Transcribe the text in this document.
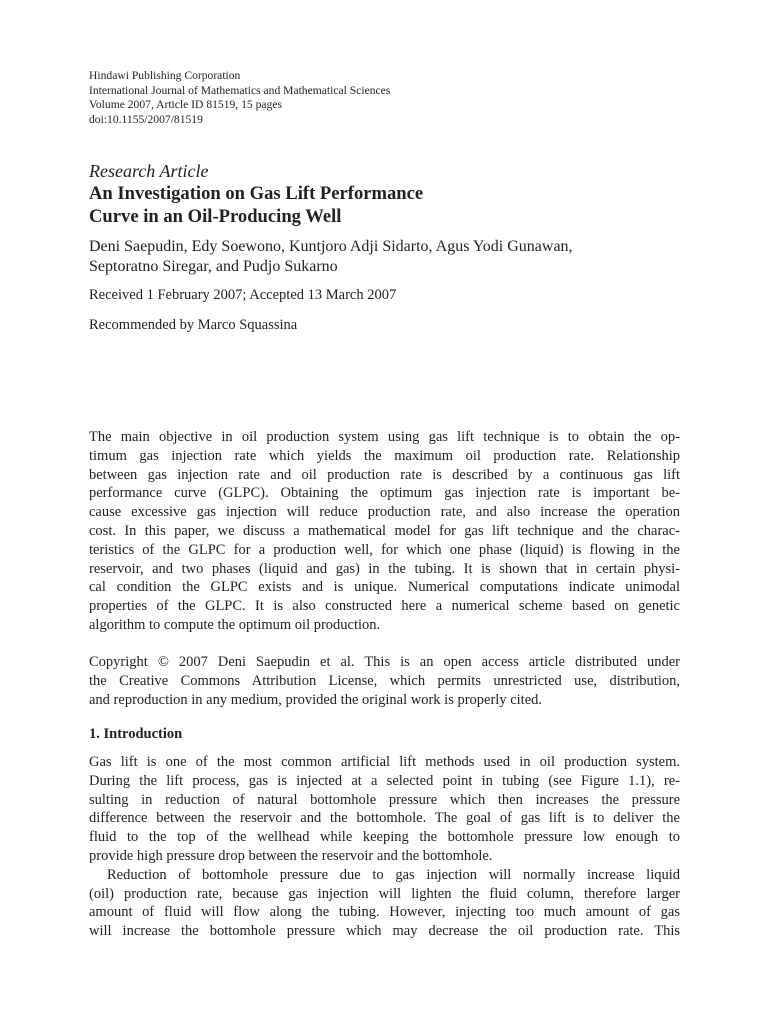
Hindawi Publishing Corporation
International Journal of Mathematics and Mathematical Sciences
Volume 2007, Article ID 81519, 15 pages
doi:10.1155/2007/81519
Research Article
An Investigation on Gas Lift Performance
Curve in an Oil-Producing Well
Deni Saepudin, Edy Soewono, Kuntjoro Adji Sidarto, Agus Yodi Gunawan,
Septoratno Siregar, and Pudjo Sukarno
Received 1 February 2007; Accepted 13 March 2007
Recommended by Marco Squassina
The main objective in oil production system using gas lift technique is to obtain the op-
timum gas injection rate which yields the maximum oil production rate. Relationship
between gas injection rate and oil production rate is described by a continuous gas lift
performance curve (GLPC). Obtaining the optimum gas injection rate is important be-
cause excessive gas injection will reduce production rate, and also increase the operation
cost. In this paper, we discuss a mathematical model for gas lift technique and the charac-
teristics of the GLPC for a production well, for which one phase (liquid) is flowing in the
reservoir, and two phases (liquid and gas) in the tubing. It is shown that in certain physi-
cal condition the GLPC exists and is unique. Numerical computations indicate unimodal
properties of the GLPC. It is also constructed here a numerical scheme based on genetic
algorithm to compute the optimum oil production.
Copyright © 2007 Deni Saepudin et al. This is an open access article distributed under
the Creative Commons Attribution License, which permits unrestricted use, distribution,
and reproduction in any medium, provided the original work is properly cited.
1. Introduction

Gas lift is one of the most common artificial lift methods used in oil production system.
During the lift process, gas is injected at a selected point in tubing (see Figure 1.1), re-
sulting in reduction of natural bottomhole pressure which then increases the pressure
difference between the reservoir and the bottomhole. The goal of gas lift is to deliver the
fluid to the top of the wellhead while keeping the bottomhole pressure low enough to
provide high pressure drop between the reservoir and the bottomhole.

Reduction of bottomhole pressure due to gas injection will normally increase liquid
(oil) production rate, because gas injection will lighten the fluid column, therefore larger
amount of fluid will flow along the tubing. However, injecting too much amount of gas
will increase the bottomhole pressure which may decrease the oil production rate. This
